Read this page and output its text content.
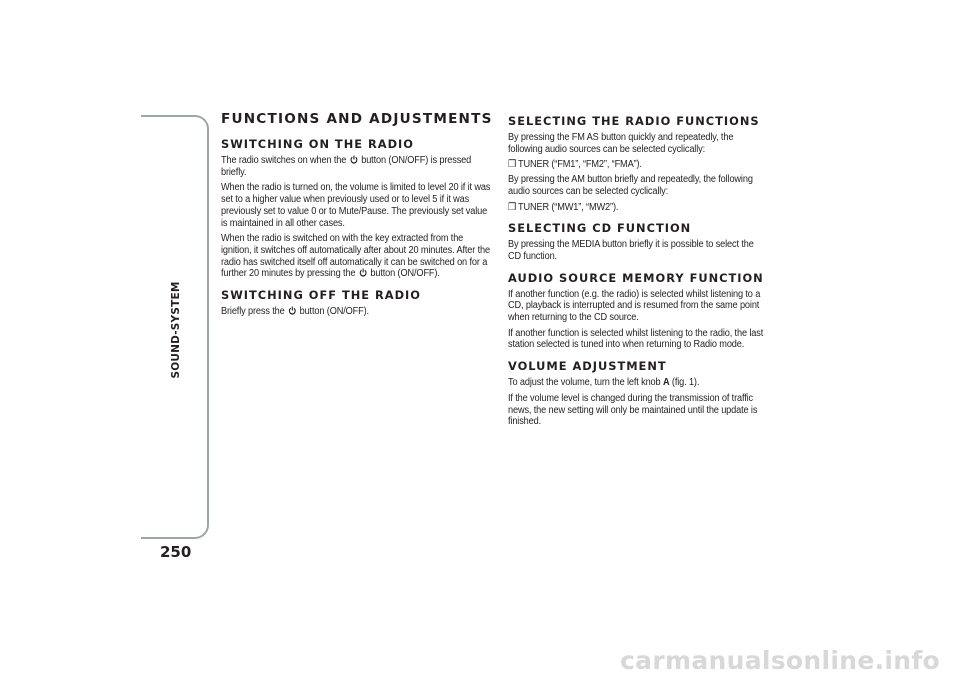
SOUND-SYSTEM
250
FUNCTIONS AND ADJUSTMENTS
SWITCHING ON THE RADIO

The radio switches on when the button (ON/OFF) is pressed briefly.

When the radio is turned on, the volume is limited to level 20 if it was set to a higher value when previously used or to level 5 if it was previously set to value 0 or to Mute/Pause. The previously set value is maintained in all other cases.

When the radio is switched on with the key extracted from the ignition, it switches off automatically after about 20 minutes. After the radio has switched itself off automatically it can be switched on for a further 20 minutes by pressing the button (ON/OFF).

SWITCHING OFF THE RADIO

Briefly press the button (ON/OFF).

SELECTING THE RADIO FUNCTIONS

By pressing the FM AS button quickly and repeatedly, the following audio sources can be selected cyclically:

❒ TUNER (“FM1”, “FM2”, “FMA”).

By pressing the AM button briefly and repeatedly, the following audio sources can be selected cyclically:

❒ TUNER (“MW1”, “MW2”).

SELECTING CD FUNCTION

By pressing the MEDIA button briefly it is possible to select the CD function.

AUDIO SOURCE MEMORY FUNCTION

If another function (e.g. the radio) is selected whilst listening to a CD, playback is interrupted and is resumed from the same point when returning to the CD source.

If another function is selected whilst listening to the radio, the last station selected is tuned into when returning to Radio mode.

VOLUME ADJUSTMENT

To adjust the volume, turn the left knob A (fig. 1).

If the volume level is changed during the transmission of traffic news, the new setting will only be maintained until the update is finished.

carmanualsonline.info
